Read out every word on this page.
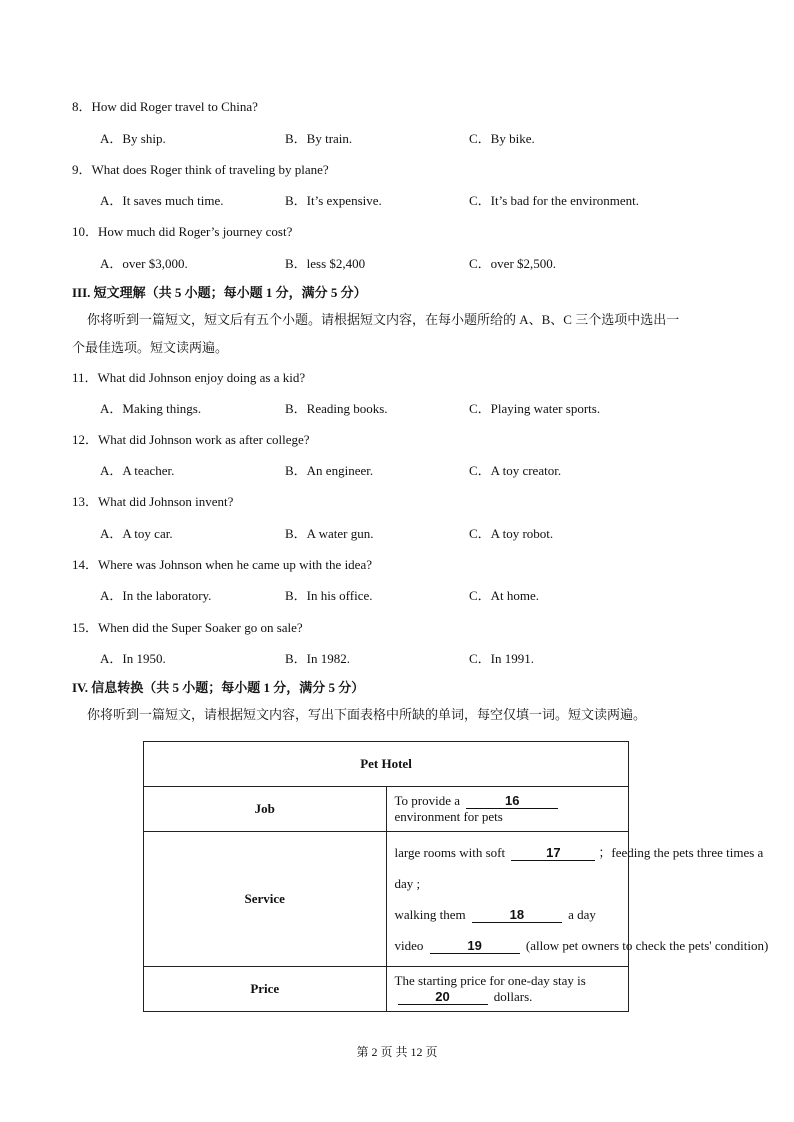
8．How did Roger travel to China?
A．By ship.	B．By train.	C．By bike.
9．What does Roger think of traveling by plane?
A．It saves much time.	B．It’s expensive.	C．It’s bad for the environment.
10．How much did Roger’s journey cost?
A．over $3,000.	B．less $2,400	C．over $2,500.
III. 短文理解（共 5 小题；每小题 1 分，满分 5 分）
你将听到一篇短文，短文后有五个小题。请根据短文内容，在每小题所给的 A、B、C 三个选项中选出一
个最佳选项。短文读两遍。
11．What did Johnson enjoy doing as a kid?
A．Making things.	B．Reading books.	C．Playing water sports.
12．What did Johnson work as after college?
A．A teacher.	B．An engineer.	C．A toy creator.
13．What did Johnson invent?
A．A toy car.	B．A water gun.	C．A toy robot.
14．Where was Johnson when he came up with the idea?
A．In the laboratory.	B．In his office.	C．At home.
15．When did the Super Soaker go on sale?
A．In 1950.	B．In 1982.	C．In 1991.
IV. 信息转换（共 5 小题；每小题 1 分，满分 5 分）
你将听到一篇短文，请根据短文内容，写出下面表格中所缺的单词，每空仅填一词。短文读两遍。
Pet Hotel	
Job	To provide a 16 environment for pets
Service	large rooms with soft 17 ；feeding the pets three times a
day ;
walking them 18 a day
video 19 (allow pet owners to check the pets' condition)

Price	The starting price for one-day stay is 20 dollars.
第 2 页 共 12 页
